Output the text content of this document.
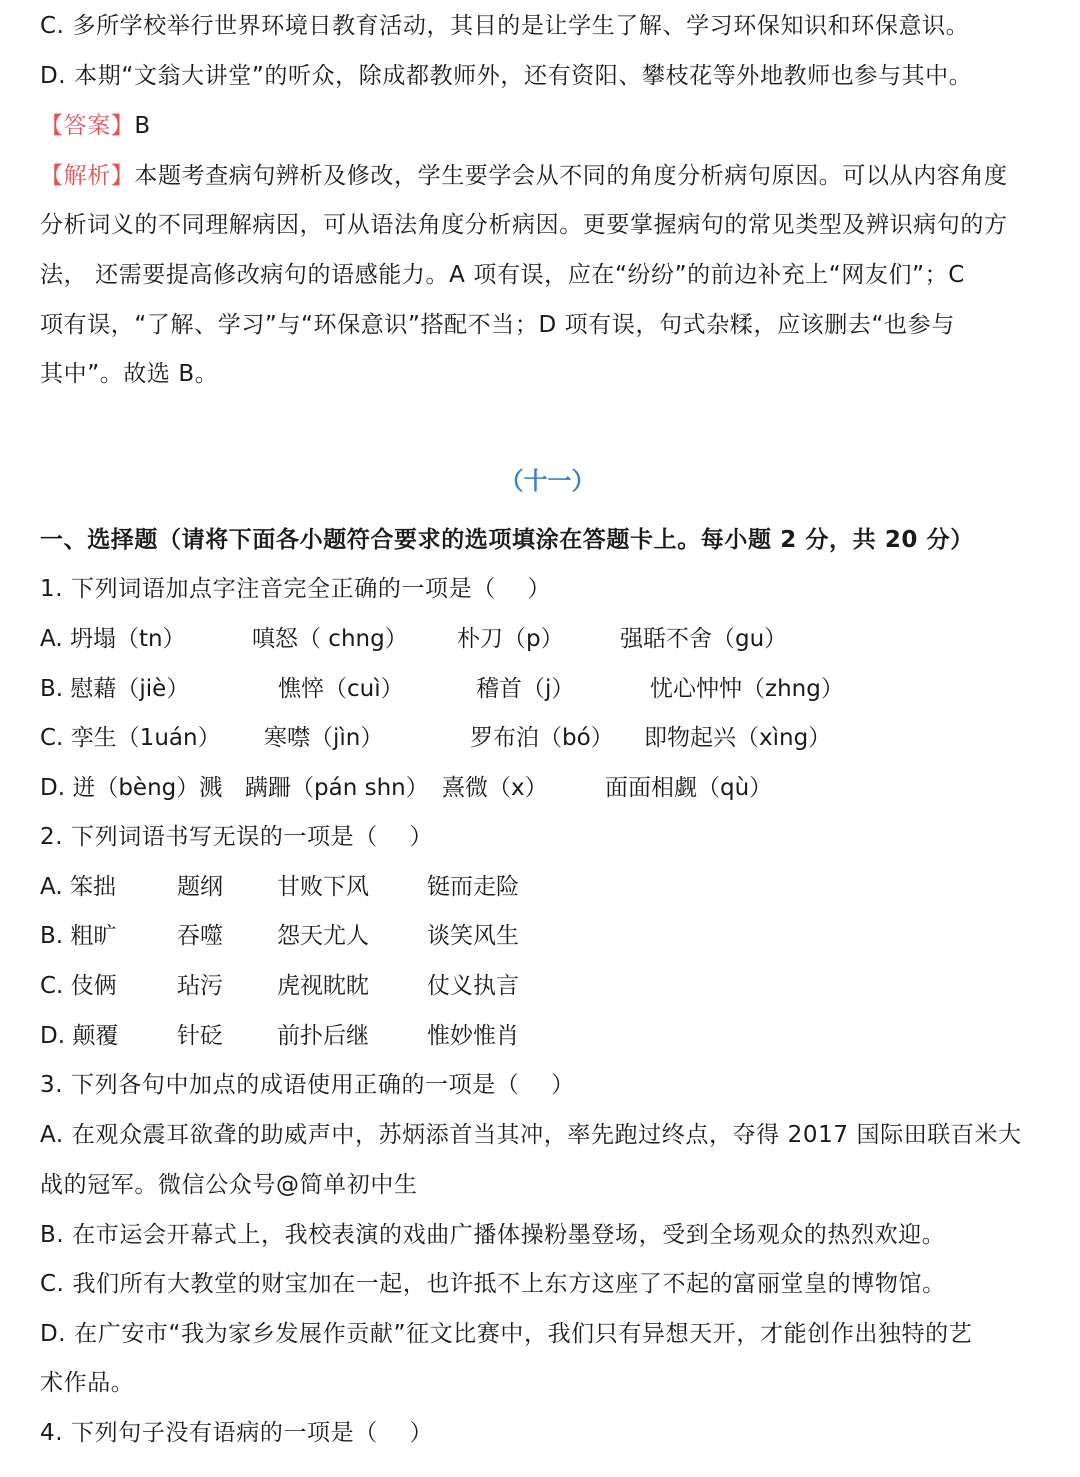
C. 多所学校举行世界环境日教育活动，其目的是让学生了解、学习环保知识和环保意识。
D. 本期“文翁大讲堂”的听众，除成都教师外，还有资阳、攀枝花等外地教师也参与其中。
【答案】B
【解析】本题考查病句辨析及修改，学生要学会从不同的角度分析病句原因。可以从内容角度
分析词义的不同理解病因，可从语法角度分析病因。更要掌握病句的常见类型及辨识病句的方
法， 还需要提高修改病句的语感能力。A 项有误，应在“纷纷”的前边补充上“网友们”；C
项有误，“了解、学习”与“环保意识”搭配不当；D 项有误，句式杂糅，应该删去“也参与
其中”。故选 B。
（十一）
一、选择题（请将下面各小题符合要求的选项填涂在答题卡上。每小题 2 分，共 20 分）
1. 下列词语加点字注音完全正确的一项是（    ）
A. 坍塌（tn）	嗔怒（ chng） 朴刀（p） 强聒不舍（gu）
B. 慰藉（jiè）	憔悴（cuì）	稽首（j）	忧心忡忡（zhng）
C. 孪生（1uán） 寒噤（jìn）	罗布泊（bó） 即物起兴（xìng）
D. 迸（bèng）溅 蹒跚（pán shn） 熹微（x） 面面相觑（qù）
2. 下列词语书写无误的一项是（    ）
A. 笨拙	题纲 甘败下风	铤而走险
B. 粗旷	吞噬 怨天尤人	谈笑风生
C. 伎俩	玷污 虎视眈眈	仗义执言
D. 颠覆	针砭 前扑后继	惟妙惟肖
3. 下列各句中加点的成语使用正确的一项是（    ）
A. 在观众震耳欲聋的助威声中，苏炳添首当其冲，率先跑过终点，夺得 2017 国际田联百米大
战的冠军。微信公众号@简单初中生
B. 在市运会开幕式上，我校表演的戏曲广播体操粉墨登场，受到全场观众的热烈欢迎。
C. 我们所有大教堂的财宝加在一起，也许抵不上东方这座了不起的富丽堂皇的博物馆。
D. 在广安市“我为家乡发展作贡献”征文比赛中，我们只有异想天开，才能创作出独特的艺
术作品。
4. 下列句子没有语病的一项是（    ）
